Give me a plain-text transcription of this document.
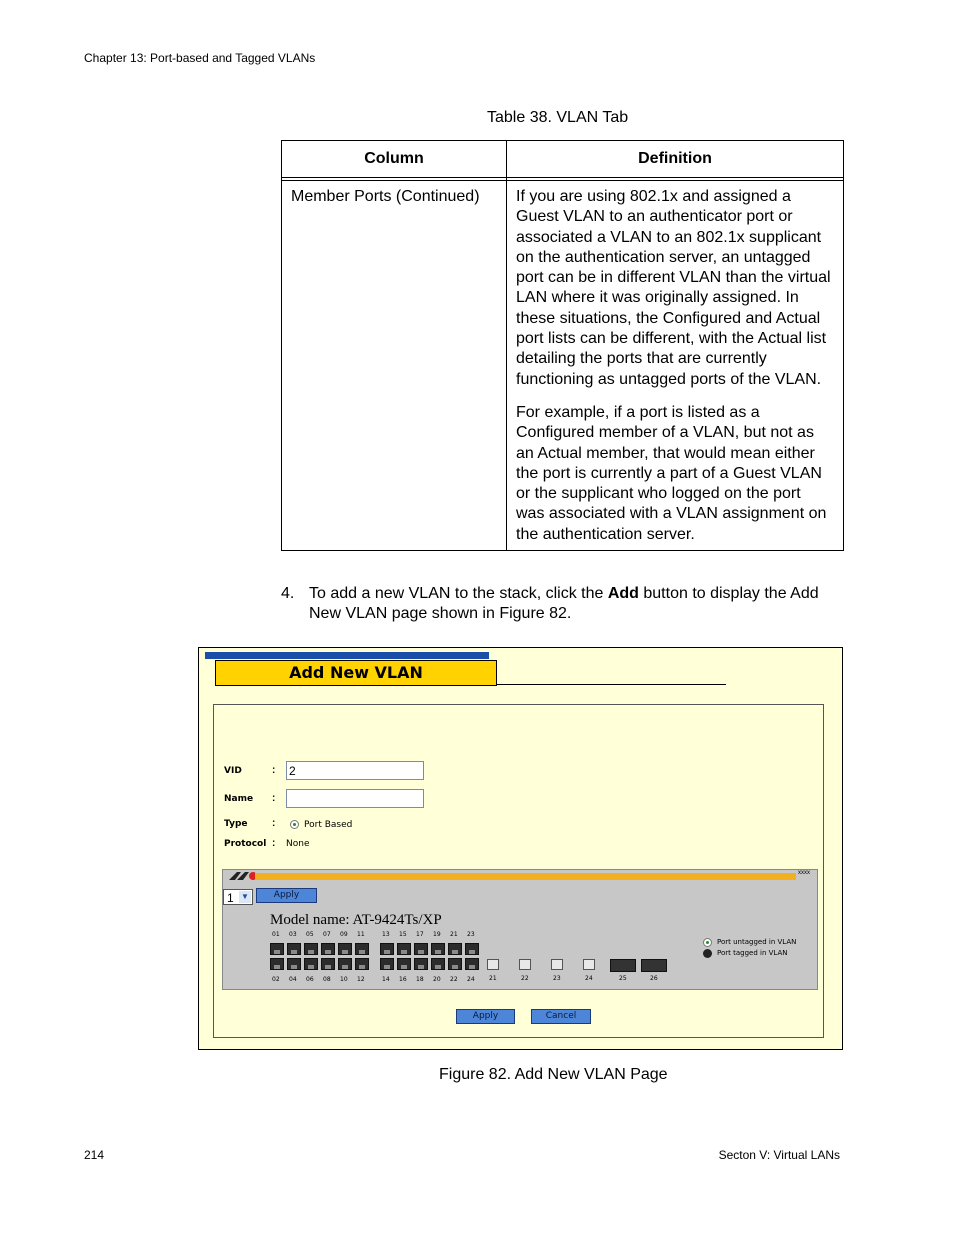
Chapter 13: Port-based and Tagged VLANs
Table 38. VLAN Tab
Column	Definition

Member Ports (Continued)	If you are using 802.1x and assigned a Guest VLAN to an authenticator port or associated a VLAN to an 802.1x supplicant on the authentication server, an untagged port can be in different VLAN than the virtual LAN where it was originally assigned. In these situations, the Configured and Actual port lists can be different, with the Actual list detailing the ports that are currently functioning as untagged ports of the VLAN.

For example, if a port is listed as a Configured member of a VLAN, but not as an Actual member, that would mean either the port is currently a part of a Guest VLAN or the supplicant who logged on the port was associated with a VLAN assignment on the authentication server.

4. To add a new VLAN to the stack, click the Add button to display the Add New VLAN page shown in Figure 82.
Add New VLAN
VID	: 2
Name :
Type :	Port Based
Protocol : None
xxxx
1 ▼	Apply
Model name: AT-9424Ts/XP
01
02
03
04
05
06
07
08
09
10
11
12
13
14
15
16
17
18
19
20
21
22
23
24 21	22	23	24	25	26
Port untagged in VLAN
Port tagged in VLAN
Apply	Cancel
Figure 82. Add New VLAN Page
214	Secton V: Virtual LANs
